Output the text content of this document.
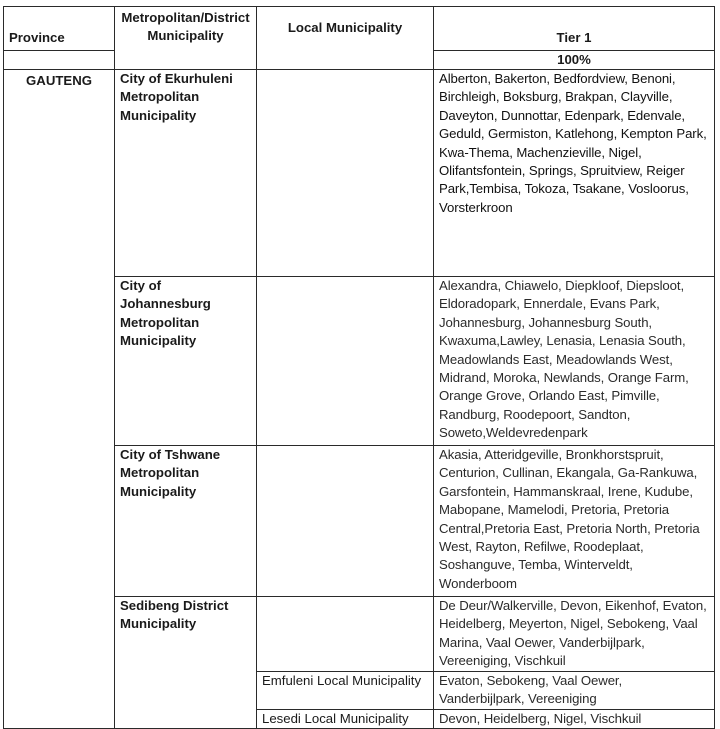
Province	Metropolitan/District Municipality	Local Municipality	Tier 1
			100%
GAUTENG	City of Ekurhuleni Metropolitan Municipality		Alberton, Bakerton, Bedfordview, Benoni, Birchleigh, Boksburg, Brakpan, Clayville, Daveyton, Dunnottar, Edenpark, Edenvale, Geduld, Germiston, Katlehong, Kempton Park, Kwa-Thema, Machenzieville, Nigel, Olifantsfontein, Springs, Spruitview, Reiger Park,Tembisa, Tokoza, Tsakane, Vosloorus, Vorsterkroon
	City of Johannesburg Metropolitan Municipality		Alexandra, Chiawelo, Diepkloof, Diepsloot, Eldoradopark, Ennerdale, Evans Park, Johannesburg, Johannesburg South, Kwaxuma,Lawley, Lenasia, Lenasia South, Meadowlands East, Meadowlands West, Midrand, Moroka, Newlands, Orange Farm, Orange Grove, Orlando East, Pimville, Randburg, Roodepoort, Sandton, Soweto,Weldevredenpark
	City of Tshwane Metropolitan Municipality		Akasia, Atteridgeville, Bronkhorstspruit, Centurion, Cullinan, Ekangala, Ga-Rankuwa, Garsfontein, Hammanskraal, Irene, Kudube, Mabopane, Mamelodi, Pretoria, Pretoria Central,Pretoria East, Pretoria North, Pretoria West, Rayton, Refilwe, Roodeplaat, Soshanguve, Temba, Winterveldt, Wonderboom
	Sedibeng District Municipality		De Deur/Walkerville, Devon, Eikenhof, Evaton, Heidelberg, Meyerton, Nigel, Sebokeng, Vaal Marina, Vaal Oewer, Vanderbijlpark, Vereeniging, Vischkuil
		Emfuleni Local Municipality	Evaton, Sebokeng, Vaal Oewer, Vanderbijlpark, Vereeniging
		Lesedi Local Municipality	Devon, Heidelberg, Nigel, Vischkuil
